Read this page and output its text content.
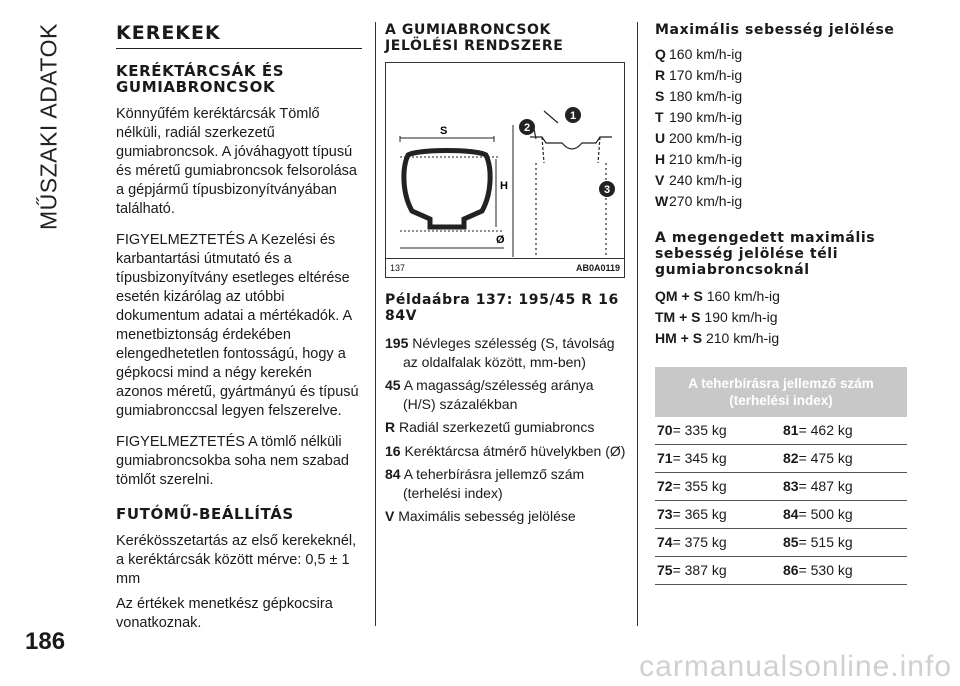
MŰSZAKI ADATOK
186
KEREKEK
KERÉKTÁRCSÁK ÉS GUMIABRONCSOK

Könnyűfém keréktárcsák Tömlő nélküli, radiál szerkezetű gumiabroncsok. A jóváhagyott típusú és méretű gumiabroncsok felsorolása a gépjármű típusbizonyítványában található.

FIGYELMEZTETÉS A Kezelési és karbantartási útmutató és a típusbizonyítvány esetleges eltérése esetén kizárólag az utóbbi dokumentum adatai a mértékadók. A menetbiztonság érdekében elengedhetetlen fontosságú, hogy a gépkocsi mind a négy kerekén azonos méretű, gyártmányú és típusú gumiabronccsal legyen felszerelve.

FIGYELMEZTETÉS A tömlő nélküli gumiabroncsokba soha nem szabad tömlőt szerelni.

FUTÓMŰ-BEÁLLÍTÁS

Kerékösszetartás az első kerekeknél, a keréktárcsák között mérve: 0,5 ± 1 mm

Az értékek menetkész gépkocsira vonatkoznak.

A GUMIABRONCSOK JELÖLÉSI RENDSZERE
S
H
Ø
1
2
3
137	AB0A0119
Példaábra 137: 195/45 R 16 84V

195 Névleges szélesség (S, távolság az oldalfalak között, mm-ben)

45 A magasság/szélesség aránya (H/S) százalékban

R Radiál szerkezetű gumiabroncs

16 Keréktárcsa átmérő hüvelykben (Ø)

84 A teherbírásra jellemző szám (terhelési index)

V Maximális sebesség jelölése

Maximális sebesség jelölése

Q 160 km/h-ig

R 170 km/h-ig

S 180 km/h-ig

T 190 km/h-ig

U 200 km/h-ig

H 210 km/h-ig

V 240 km/h-ig

W270 km/h-ig

A megengedett maximális sebesség jelölése téli gumiabroncsoknál

QM + S 160 km/h-ig

TM + S 190 km/h-ig

HM + S 210 km/h-ig

A teherbírásra jellemző szám (terhelési index)	
70= 335 kg	81= 462 kg
71= 345 kg	82= 475 kg
72= 355 kg	83= 487 kg
73= 365 kg	84= 500 kg
74= 375 kg	85= 515 kg
75= 387 kg	86= 530 kg
carmanualsonline.info
